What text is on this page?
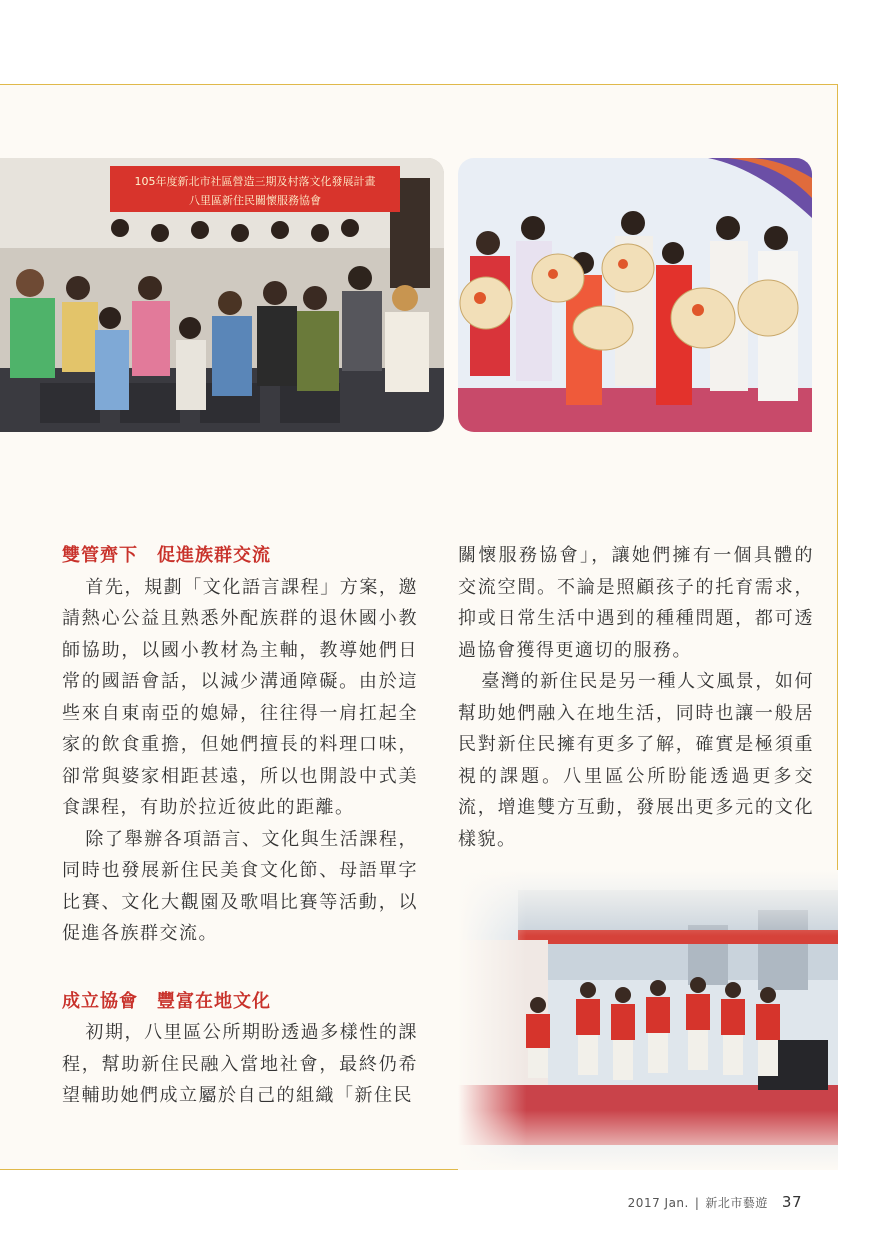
105年度新北市社區營造三期及村落文化發展計畫
八里區新住民關懷服務協會
雙管齊下　促進族群交流

首先，規劃「文化語言課程」方案，邀請熱心公益且熟悉外配族群的退休國小教師協助，以國小教材為主軸，教導她們日常的國語會話，以減少溝通障礙。由於這些來自東南亞的媳婦，往往得一肩扛起全家的飲食重擔，但她們擅長的料理口味，卻常與婆家相距甚遠，所以也開設中式美食課程，有助於拉近彼此的距離。

除了舉辦各項語言、文化與生活課程，同時也發展新住民美食文化節、母語單字比賽、文化大觀園及歌唱比賽等活動，以促進各族群交流。

成立協會　豐富在地文化

初期，八里區公所期盼透過多樣性的課程，幫助新住民融入當地社會，最終仍希望輔助她們成立屬於自己的組織「新住民

關懷服務協會」，讓她們擁有一個具體的交流空間。不論是照顧孩子的托育需求，抑或日常生活中遇到的種種問題，都可透過協會獲得更適切的服務。

臺灣的新住民是另一種人文風景，如何幫助她們融入在地生活，同時也讓一般居民對新住民擁有更多了解，確實是極須重視的課題。八里區公所盼能透過更多交流，增進雙方互動，發展出更多元的文化樣貌。

2017 Jan. | 新北市藝遊 37
